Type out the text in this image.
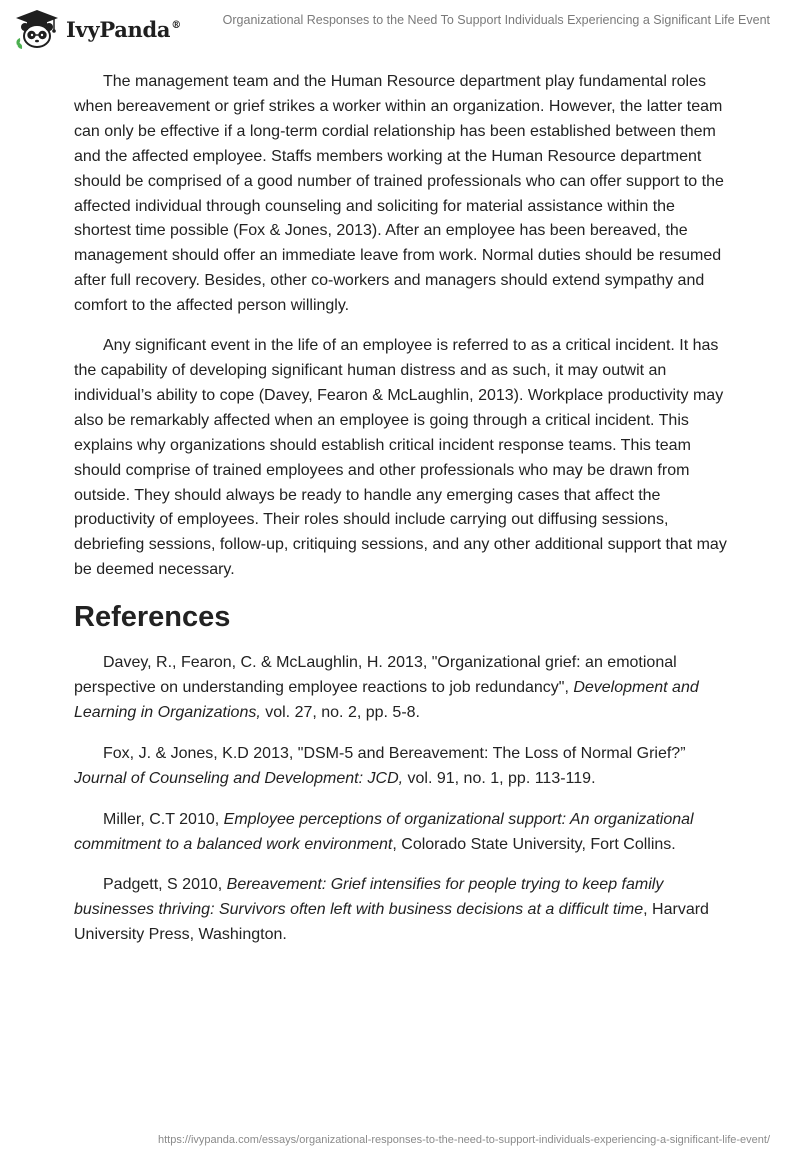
IvyPanda®	Organizational Responses to the Need To Support Individuals Experiencing a Significant Life Event

The management team and the Human Resource department play fundamental roles when bereavement or grief strikes a worker within an organization. However, the latter team can only be effective if a long-term cordial relationship has been established between them and the affected employee. Staffs members working at the Human Resource department should be comprised of a good number of trained professionals who can offer support to the affected individual through counseling and soliciting for material assistance within the shortest time possible (Fox & Jones, 2013). After an employee has been bereaved, the management should offer an immediate leave from work. Normal duties should be resumed after full recovery. Besides, other co-workers and managers should extend sympathy and comfort to the affected person willingly.

Any significant event in the life of an employee is referred to as a critical incident. It has the capability of developing significant human distress and as such, it may outwit an individual’s ability to cope (Davey, Fearon & McLaughlin, 2013). Workplace productivity may also be remarkably affected when an employee is going through a critical incident. This explains why organizations should establish critical incident response teams. This team should comprise of trained employees and other professionals who may be drawn from outside. They should always be ready to handle any emerging cases that affect the productivity of employees. Their roles should include carrying out diffusing sessions, debriefing sessions, follow-up, critiquing sessions, and any other additional support that may be deemed necessary.

References

Davey, R., Fearon, C. & McLaughlin, H. 2013, "Organizational grief: an emotional perspective on understanding employee reactions to job redundancy", Development and Learning in Organizations, vol. 27, no. 2, pp. 5-8.

Fox, J. & Jones, K.D 2013, "DSM-5 and Bereavement: The Loss of Normal Grief?” Journal of Counseling and Development: JCD, vol. 91, no. 1, pp. 113-119.

Miller, C.T 2010, Employee perceptions of organizational support: An organizational commitment to a balanced work environment, Colorado State University, Fort Collins.

Padgett, S 2010, Bereavement: Grief intensifies for people trying to keep family businesses thriving: Survivors often left with business decisions at a difficult time, Harvard University Press, Washington.

https://ivypanda.com/essays/organizational-responses-to-the-need-to-support-individuals-experiencing-a-significant-life-event/
